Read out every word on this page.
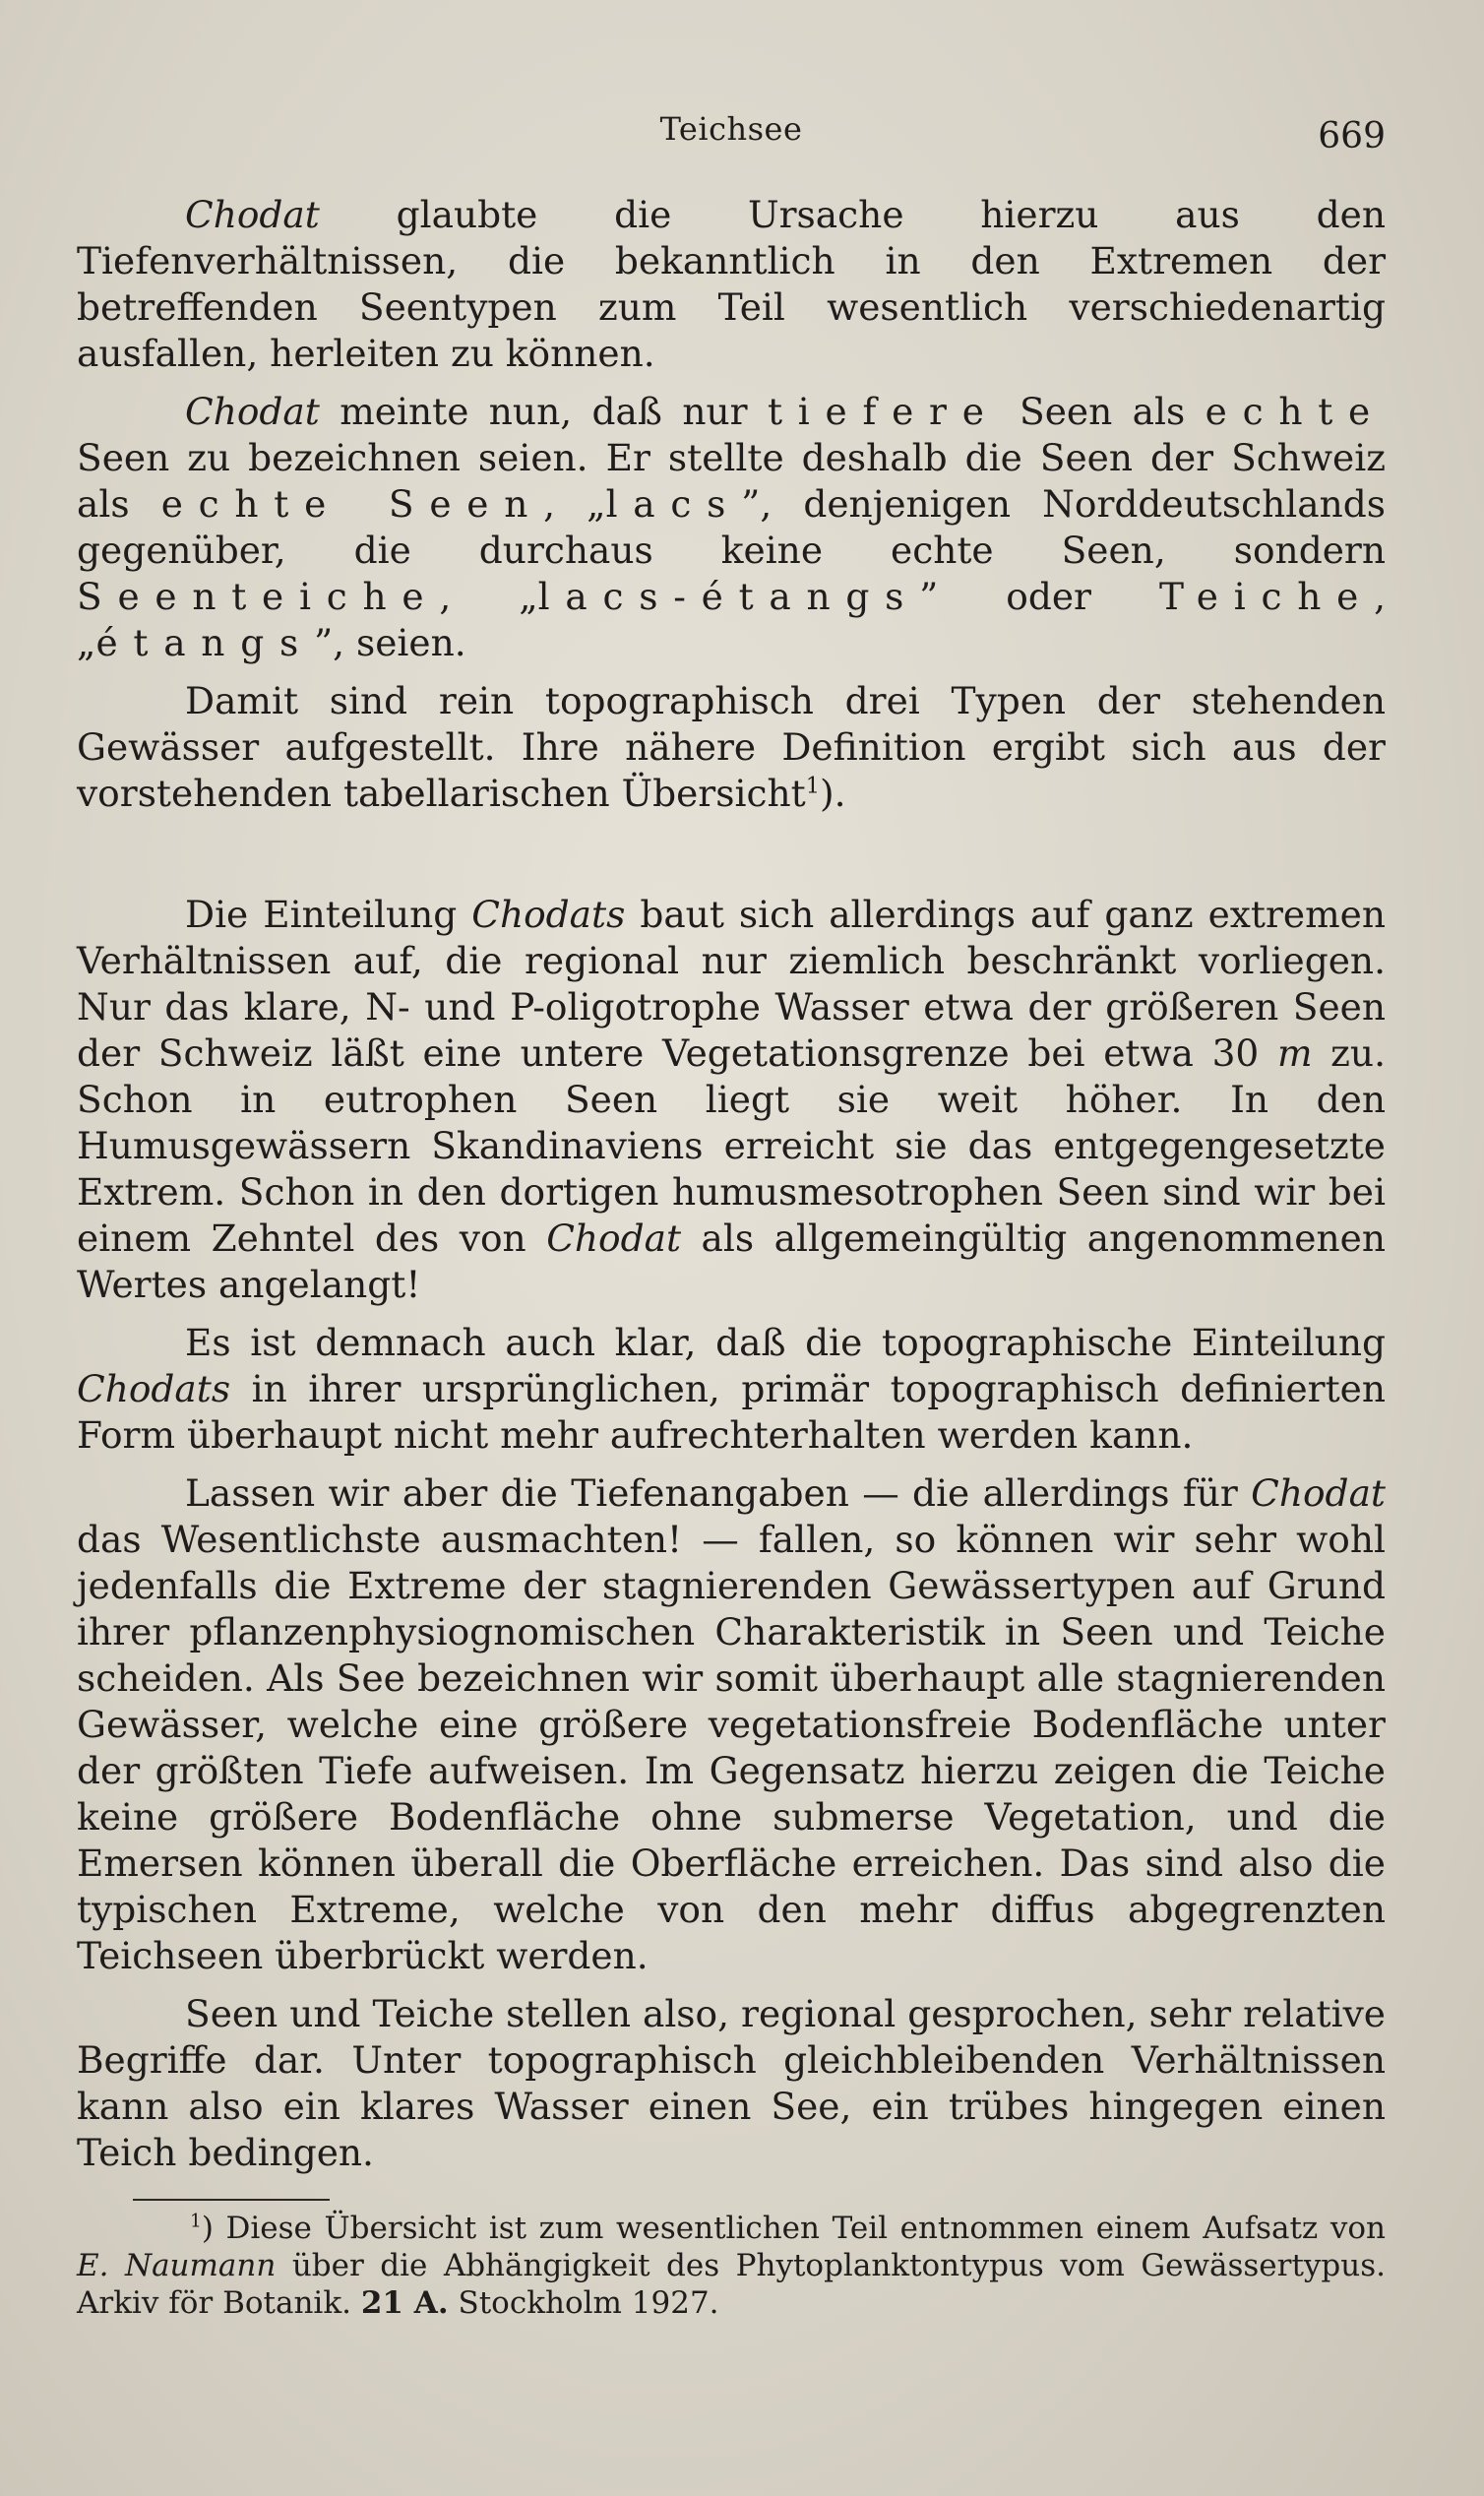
Teichsee	669

Chodat glaubte die Ursache hierzu aus den Tiefenverhältnissen, die bekanntlich in den Extremen der betreffenden Seentypen zum Teil wesentlich verschiedenartig ausfallen, herleiten zu können.

Chodat meinte nun, daß nur tiefere Seen als echte Seen zu bezeichnen seien. Er stellte deshalb die Seen der Schweiz als echte Seen, „lacs”, denjenigen Norddeutschlands gegenüber, die durchaus keine echte Seen, sondern Seenteiche, „lacs-étangs” oder Teiche, „étangs”, seien.

Damit sind rein topographisch drei Typen der stehenden Gewässer aufgestellt. Ihre nähere Definition ergibt sich aus der vorstehenden tabellarischen Übersicht$^1$).

Die Einteilung Chodats baut sich allerdings auf ganz extremen Verhältnissen auf, die regional nur ziemlich beschränkt vorliegen. Nur das klare, N- und P-oligotrophe Wasser etwa der größeren Seen der Schweiz läßt eine untere Vegetationsgrenze bei etwa 30 m zu. Schon in eutrophen Seen liegt sie weit höher. In den Humusgewässern Skandinaviens erreicht sie das entgegengesetzte Extrem. Schon in den dortigen humusmesotrophen Seen sind wir bei einem Zehntel des von Chodat als allgemeingültig angenommenen Wertes angelangt!

Es ist demnach auch klar, daß die topographische Einteilung Chodats in ihrer ursprünglichen, primär topographisch definierten Form überhaupt nicht mehr aufrechterhalten werden kann.

Lassen wir aber die Tiefenangaben — die allerdings für Chodat das Wesentlichste ausmachten! — fallen, so können wir sehr wohl jedenfalls die Extreme der stagnierenden Gewässertypen auf Grund ihrer pflanzenphysiognomischen Charakteristik in Seen und Teiche scheiden. Als See bezeichnen wir somit überhaupt alle stagnierenden Gewässer, welche eine größere vegetationsfreie Bodenfläche unter der größten Tiefe aufweisen. Im Gegensatz hierzu zeigen die Teiche keine größere Bodenfläche ohne submerse Vegetation, und die Emersen können überall die Oberfläche erreichen. Das sind also die typischen Extreme, welche von den mehr diffus abgegrenzten Teichseen überbrückt werden.

Seen und Teiche stellen also, regional gesprochen, sehr relative Begriffe dar. Unter topographisch gleichbleibenden Verhältnissen kann also ein klares Wasser einen See, ein trübes hingegen einen Teich bedingen.

$^1$) Diese Übersicht ist zum wesentlichen Teil entnommen einem Aufsatz von E. Naumann über die Abhängigkeit des Phytoplanktontypus vom Gewässertypus. Arkiv för Botanik. 21 A. Stockholm 1927.
